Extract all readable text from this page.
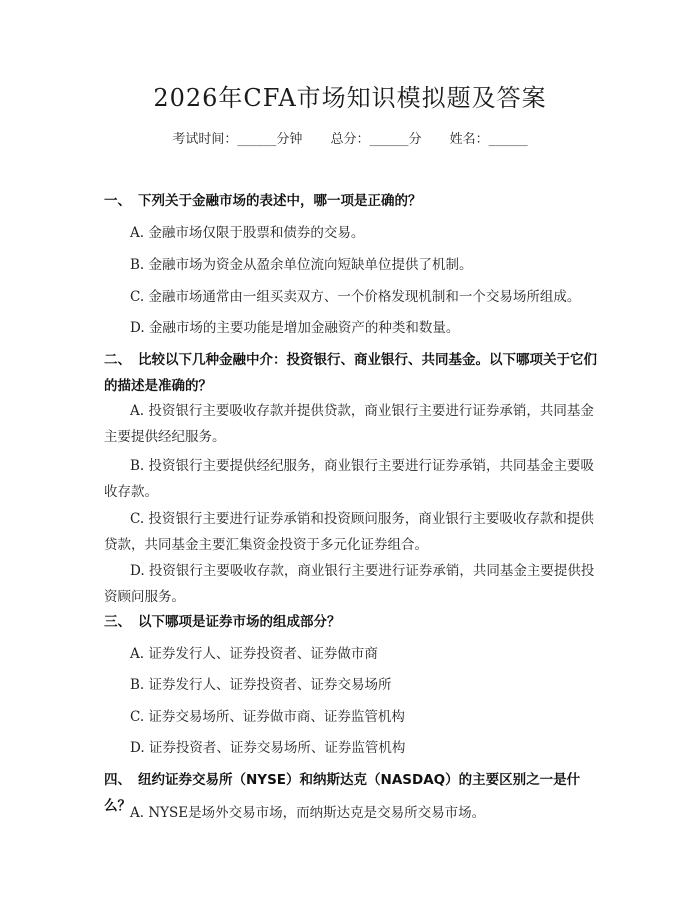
2026年CFA市场知识模拟题及答案
考试时间：______分钟 总分：______分 姓名：______
一、 下列关于金融市场的表述中，哪一项是正确的？
A. 金融市场仅限于股票和债券的交易。
B. 金融市场为资金从盈余单位流向短缺单位提供了机制。
C. 金融市场通常由一组买卖双方、一个价格发现机制和一个交易场所组成。
D. 金融市场的主要功能是增加金融资产的种类和数量。
二、 比较以下几种金融中介：投资银行、商业银行、共同基金。以下哪项关于它们的描述是准确的？
A. 投资银行主要吸收存款并提供贷款，商业银行主要进行证券承销，共同基金主要提供经纪服务。
B. 投资银行主要提供经纪服务，商业银行主要进行证券承销，共同基金主要吸收存款。
C. 投资银行主要进行证券承销和投资顾问服务，商业银行主要吸收存款和提供贷款，共同基金主要汇集资金投资于多元化证券组合。
D. 投资银行主要吸收存款，商业银行主要进行证券承销，共同基金主要提供投资顾问服务。
三、 以下哪项是证券市场的组成部分？
A. 证券发行人、证券投资者、证券做市商
B. 证券发行人、证券投资者、证券交易场所
C. 证券交易场所、证券做市商、证券监管机构
D. 证券投资者、证券交易场所、证券监管机构
四、 纽约证券交易所（NYSE）和纳斯达克（NASDAQ）的主要区别之一是什么？ A. NYSE是场外交易市场，而纳斯达克是交易所交易市场。
